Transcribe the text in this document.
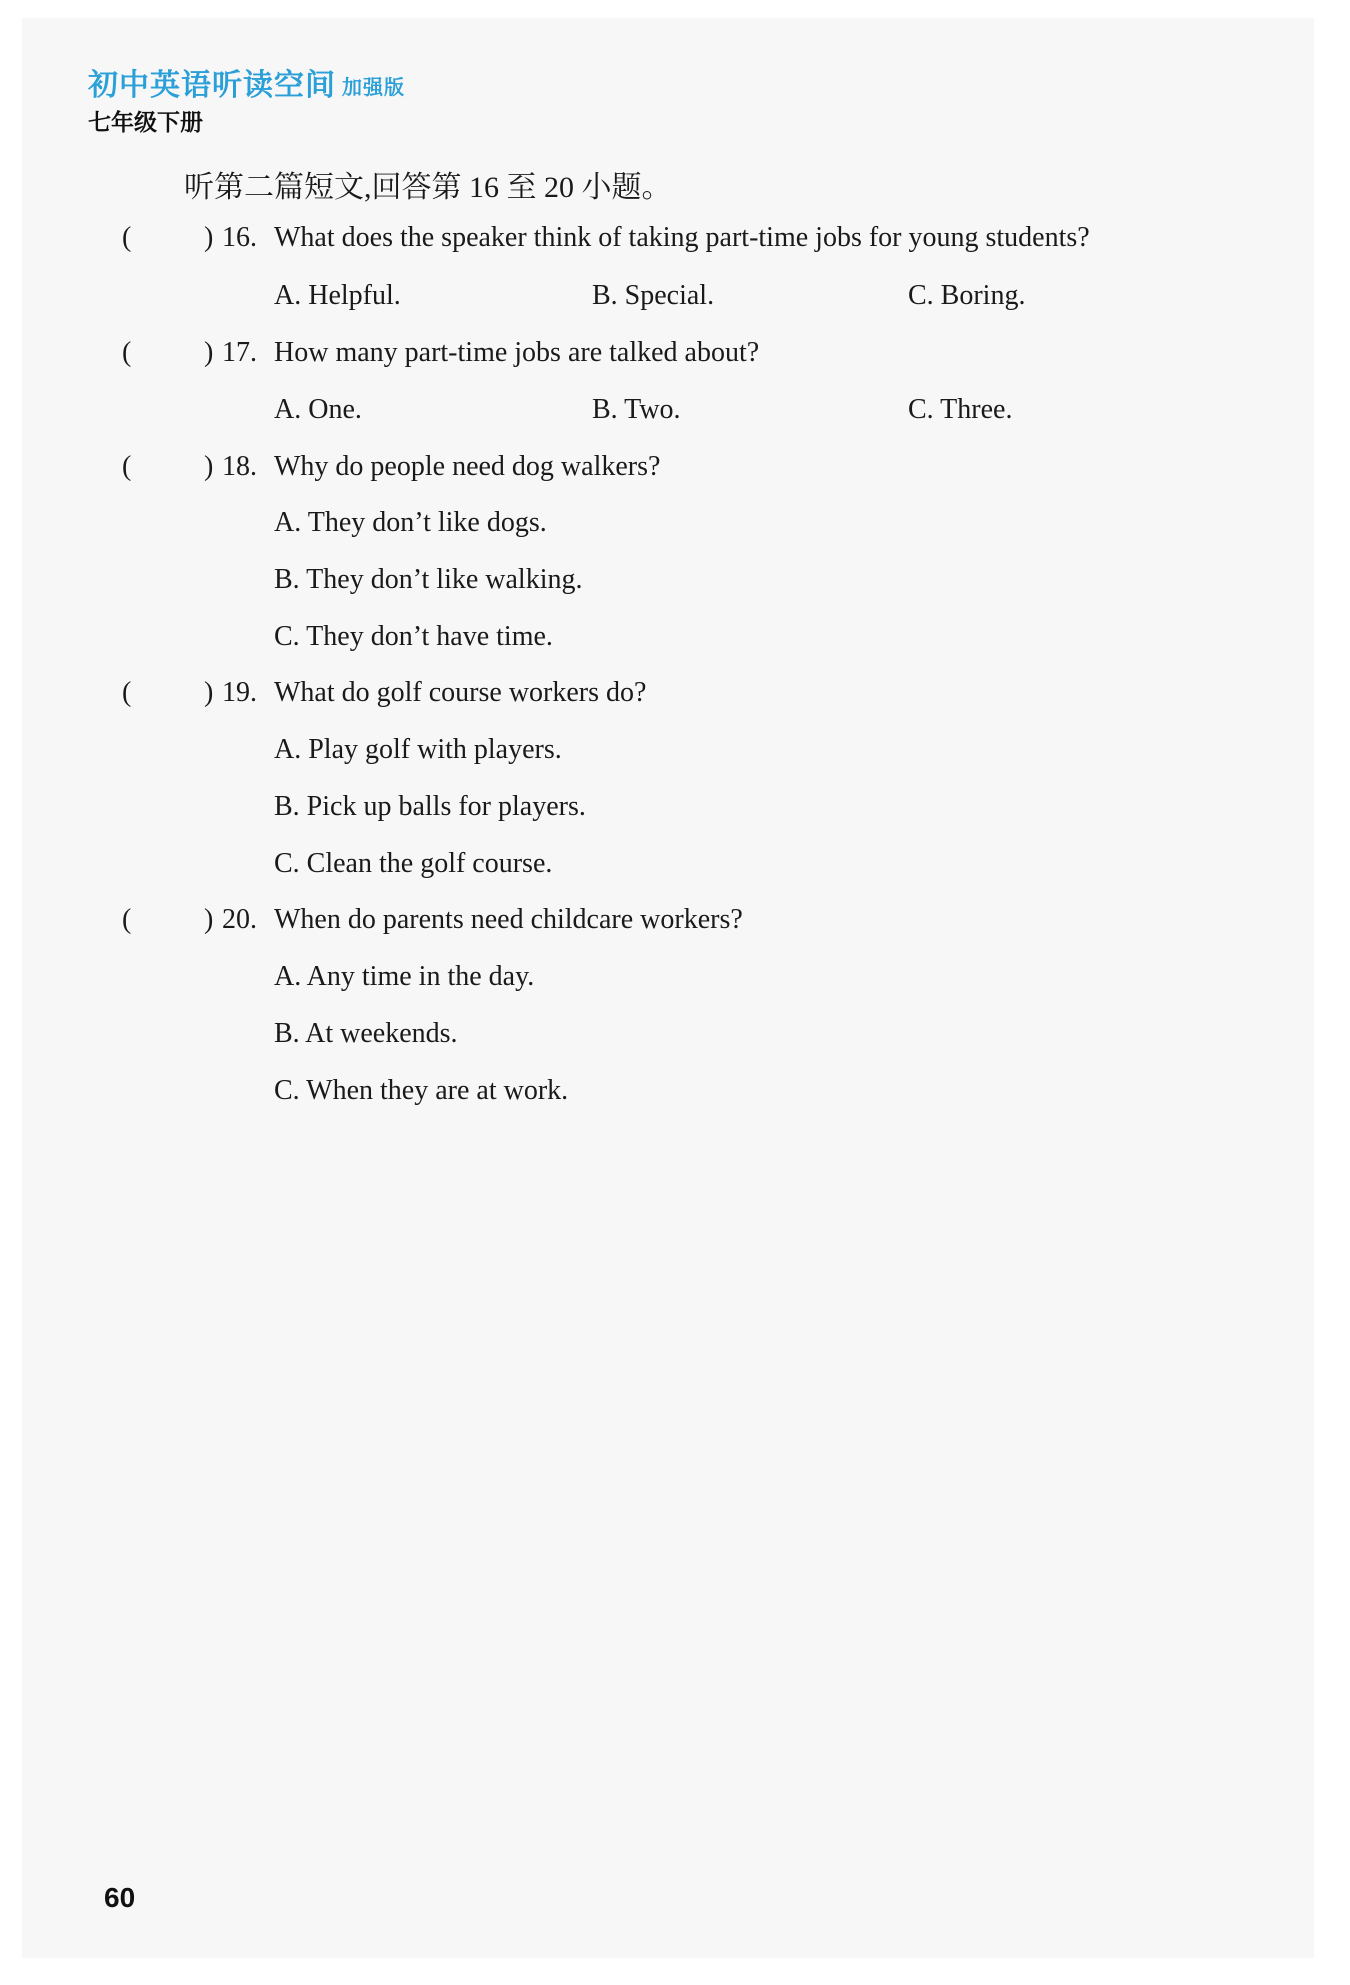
初中英语听读空间 加强版
七年级下册
听第二篇短文,回答第 16 至 20 小题。
(	) 16. What does the speaker think of taking part-time jobs for young students?
A. Helpful.	B. Special.	C. Boring.
(	) 17. How many part-time jobs are talked about?
A. One.	B. Two.	C. Three.
(	) 18. Why do people need dog walkers?
A. They don’t like dogs.
B. They don’t like walking.
C. They don’t have time.
(	) 19. What do golf course workers do?
A. Play golf with players.
B. Pick up balls for players.
C. Clean the golf course.
(	) 20. When do parents need childcare workers?
A. Any time in the day.
B. At weekends.
C. When they are at work.
60
